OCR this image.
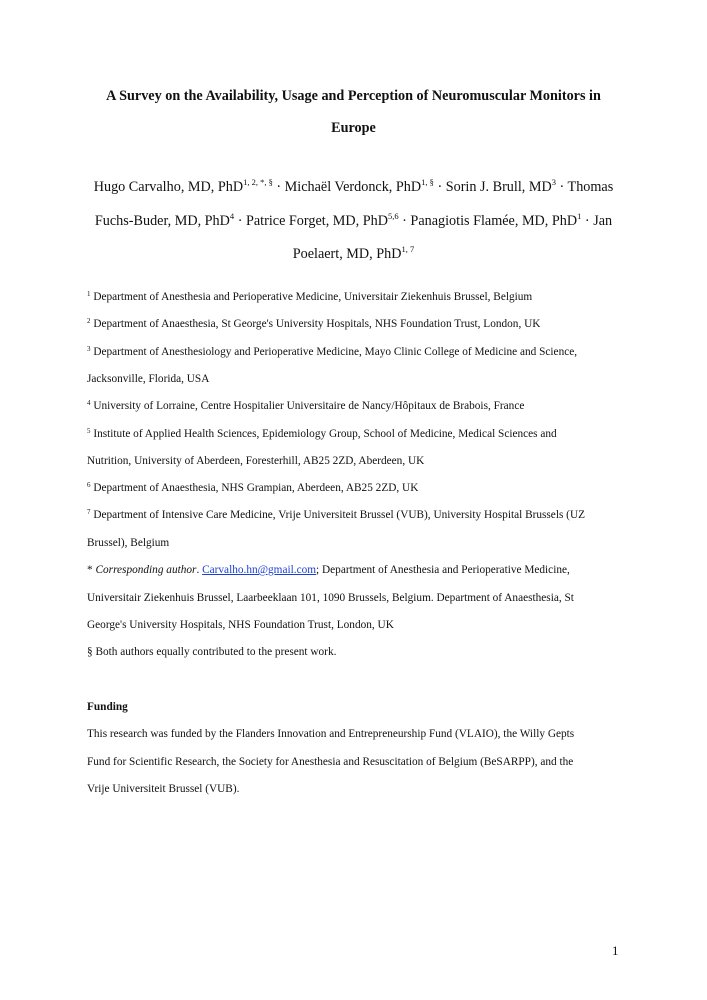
A Survey on the Availability, Usage and Perception of Neuromuscular Monitors in
Europe
Hugo Carvalho, MD, PhD$^{1, 2, *, \S}$ · Michaël Verdonck, PhD$^{1, \S}$ · Sorin J. Brull, $MD^3$ · Thomas
Fuchs-Buder, MD, PhD$^4$ · Patrice Forget, MD, PhD$^{5,6}$ · Panagiotis Flamée, MD, PhD$^1$ · Jan
Poelaert, MD, PhD$^{1, 7}$
$^1$ Department of Anesthesia and Perioperative Medicine, Universitair Ziekenhuis Brussel, Belgium
$^2$ Department of Anaesthesia, St George's University Hospitals, NHS Foundation Trust, London, UK
$^3$ Department of Anesthesiology and Perioperative Medicine, Mayo Clinic College of Medicine and Science,
Jacksonville, Florida, USA
$^4$ University of Lorraine, Centre Hospitalier Universitaire de Nancy/Hôpitaux de Brabois, France
$^5$ Institute of Applied Health Sciences, Epidemiology Group, School of Medicine, Medical Sciences and
Nutrition, University of Aberdeen, Foresterhill, AB25 2ZD, Aberdeen, UK
$^6$ Department of Anaesthesia, NHS Grampian, Aberdeen, AB25 2ZD, UK
$^7$ Department of Intensive Care Medicine, Vrije Universiteit Brussel (VUB), University Hospital Brussels (UZ
Brussel), Belgium
* Corresponding author. Carvalho.hn@gmail.com; Department of Anesthesia and Perioperative Medicine,
Universitair Ziekenhuis Brussel, Laarbeeklaan 101, 1090 Brussels, Belgium. Department of Anaesthesia, St
George's University Hospitals, NHS Foundation Trust, London, UK
§ Both authors equally contributed to the present work.
Funding
This research was funded by the Flanders Innovation and Entrepreneurship Fund (VLAIO), the Willy Gepts
Fund for Scientific Research, the Society for Anesthesia and Resuscitation of Belgium (BeSARPP), and the
Vrije Universiteit Brussel (VUB).
1
